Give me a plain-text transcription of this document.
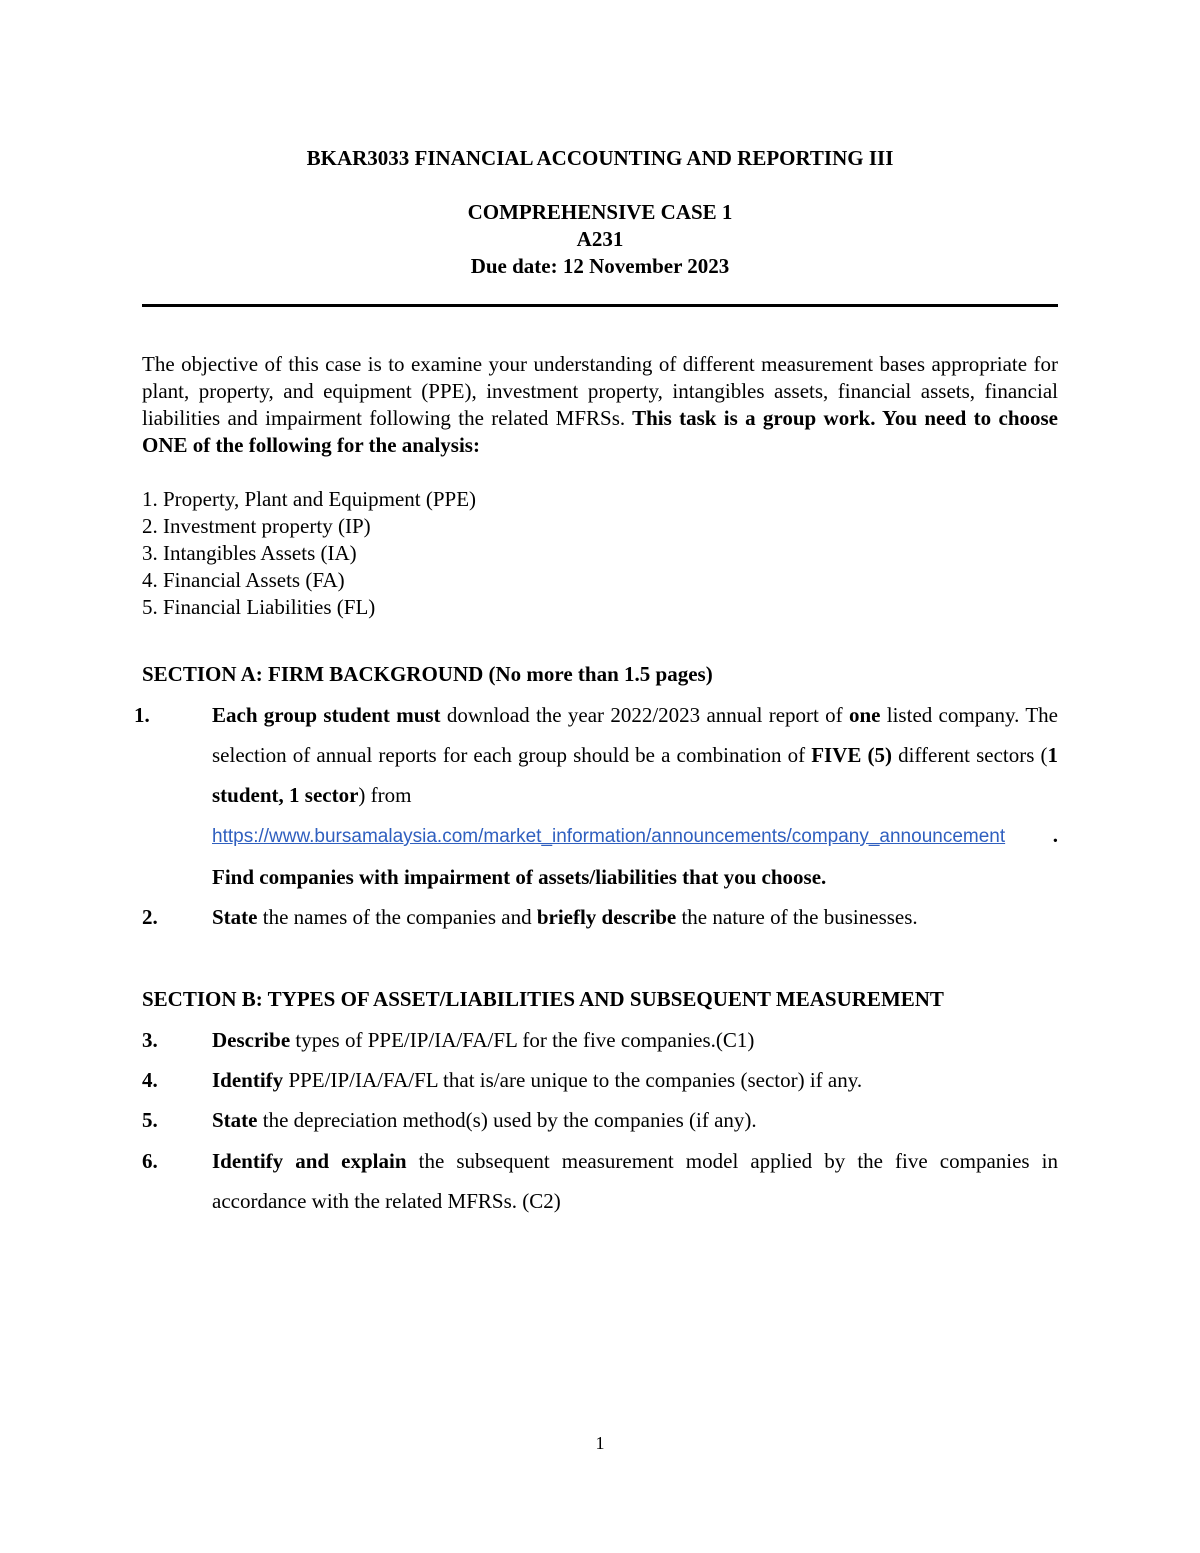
BKAR3033 FINANCIAL ACCOUNTING AND REPORTING III
COMPREHENSIVE CASE 1
A231
Due date: 12 November 2023
The objective of this case is to examine your understanding of different measurement bases appropriate for plant, property, and equipment (PPE), investment property, intangibles assets, financial assets, financial liabilities and impairment following the related MFRSs. This task is a group work. You need to choose ONE of the following for the analysis:
1. Property, Plant and Equipment (PPE)
2. Investment property (IP)
3. Intangibles Assets (IA)
4. Financial Assets (FA)
5. Financial Liabilities (FL)
SECTION A: FIRM BACKGROUND (No more than 1.5 pages)
1.	Each group student must download the year 2022/2023 annual report of one listed company. The selection of annual reports for each group should be a combination of FIVE (5) different sectors (1 student, 1 sector) from
https://www.bursamalaysia.com/market_information/announcements/company_announcement . Find companies with impairment of assets/liabilities that you choose.
2.	State the names of the companies and briefly describe the nature of the businesses.
SECTION B: TYPES OF ASSET/LIABILITIES AND SUBSEQUENT MEASUREMENT
3.	Describe types of PPE/IP/IA/FA/FL for the five companies.(C1)
4.	Identify PPE/IP/IA/FA/FL that is/are unique to the companies (sector) if any.
5.	State the depreciation method(s) used by the companies (if any).
6.	Identify and explain the subsequent measurement model applied by the five companies in accordance with the related MFRSs. (C2)
1
